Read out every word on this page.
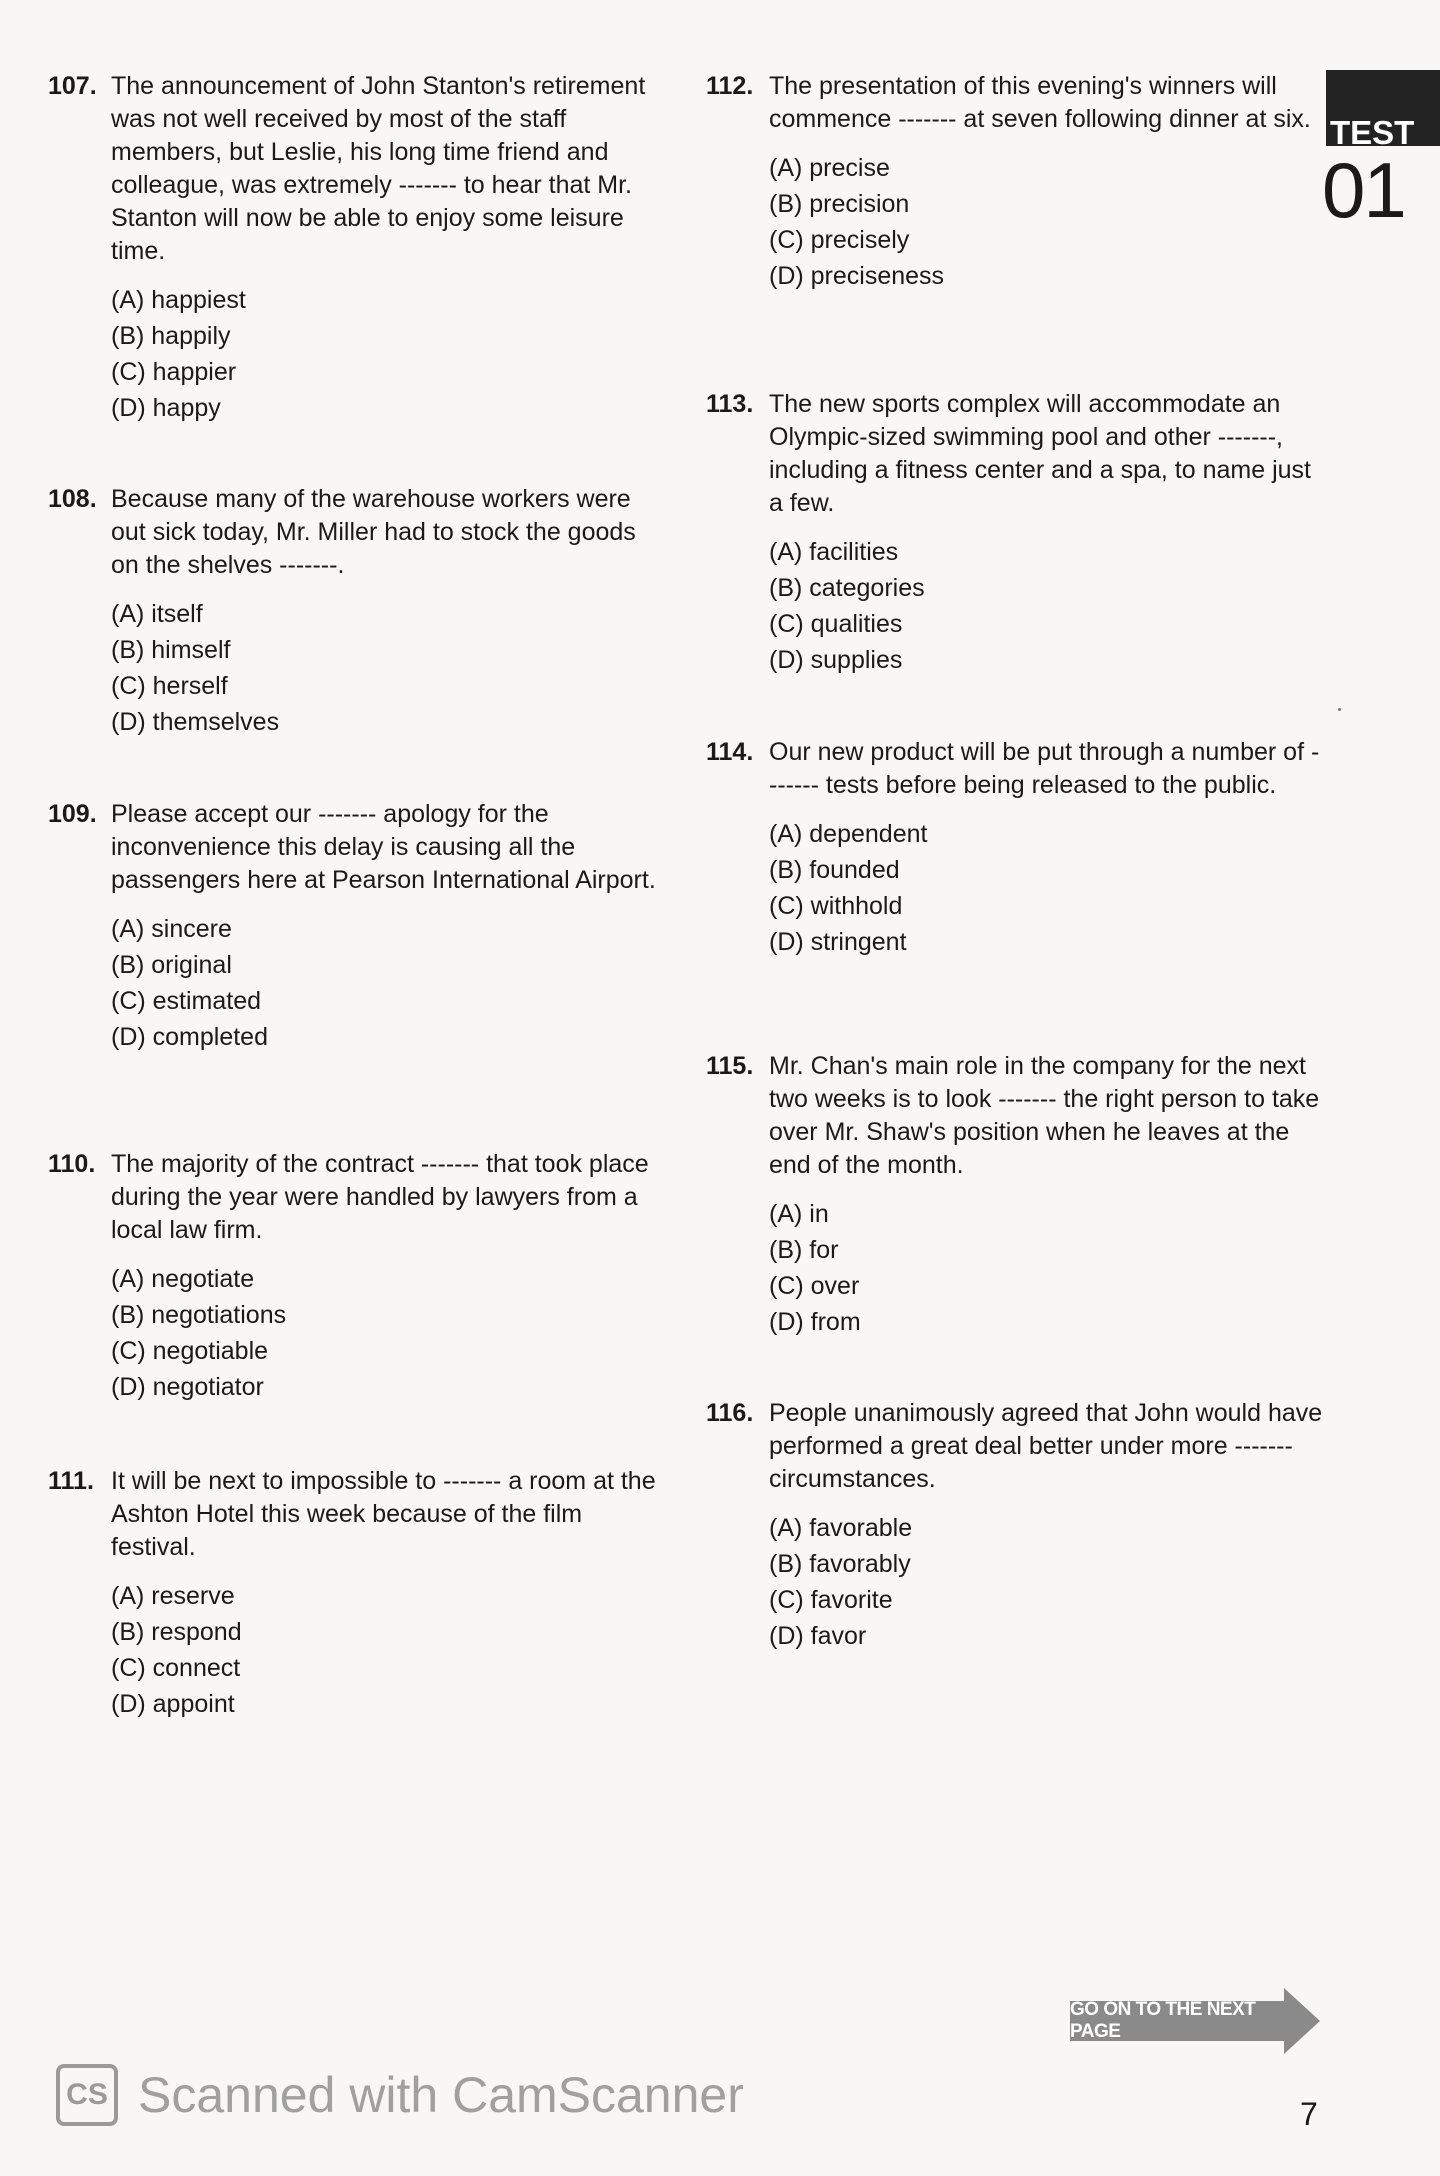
107. The announcement of John Stanton's retirement was not well received by most of the staff members, but Leslie, his long time friend and colleague, was extremely ------- to hear that Mr. Stanton will now be able to enjoy some leisure time.
(A) happiest
(B) happily
(C) happier
(D) happy
108. Because many of the warehouse workers were out sick today, Mr. Miller had to stock the goods on the shelves -------.
(A) itself
(B) himself
(C) herself
(D) themselves
109. Please accept our ------- apology for the inconvenience this delay is causing all the passengers here at Pearson International Airport.
(A) sincere
(B) original
(C) estimated
(D) completed
110. The majority of the contract ------- that took place during the year were handled by lawyers from a local law firm.
(A) negotiate
(B) negotiations
(C) negotiable
(D) negotiator
111. It will be next to impossible to ------- a room at the Ashton Hotel this week because of the film festival.
(A) reserve
(B) respond
(C) connect
(D) appoint
112. The presentation of this evening's winners will commence ------- at seven following dinner at six.
(A) precise
(B) precision
(C) precisely
(D) preciseness
113. The new sports complex will accommodate an Olympic-sized swimming pool and other -------, including a fitness center and a spa, to name just a few.
(A) facilities
(B) categories
(C) qualities
(D) supplies
114. Our new product will be put through a number of ------- tests before being released to the public.
(A) dependent
(B) founded
(C) withhold
(D) stringent
115. Mr. Chan's main role in the company for the next two weeks is to look ------- the right person to take over Mr. Shaw's position when he leaves at the end of the month.
(A) in
(B) for
(C) over
(D) from
116. People unanimously agreed that John would have performed a great deal better under more ------- circumstances.
(A) favorable
(B) favorably
(C) favorite
(D) favor
TEST
01
GO ON TO THE NEXT PAGE
7
CS Scanned with CamScanner
